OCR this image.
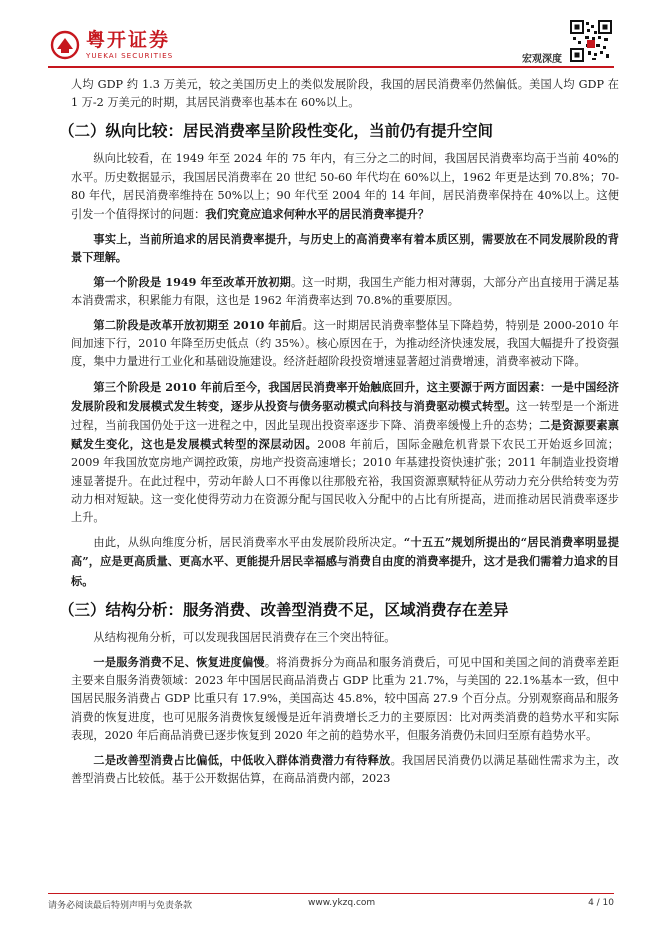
粤开证券
YUEKAI SECURITIES	宏观深度

人均 GDP 约 1.3 万美元，较之美国历史上的类似发展阶段，我国的居民消费率仍然偏低。美国人均 GDP 在 1 万-2 万美元的时期，其居民消费率也基本在 60%以上。

（二）纵向比较：居民消费率呈阶段性变化，当前仍有提升空间

纵向比较看，在 1949 年至 2024 年的 75 年内，有三分之二的时间，我国居民消费率均高于当前 40%的水平。历史数据显示，我国居民消费率在 20 世纪 50-60 年代均在 60%以上，1962 年更是达到 70.8%；70-80 年代，居民消费率维持在 50%以上；90 年代至 2004 年的 14 年间，居民消费率保持在 40%以上。这便引发一个值得探讨的问题：我们究竟应追求何种水平的居民消费率提升？

事实上，当前所追求的居民消费率提升，与历史上的高消费率有着本质区别，需要放在不同发展阶段的背景下理解。

第一个阶段是 1949 年至改革开放初期。这一时期，我国生产能力相对薄弱，大部分产出直接用于满足基本消费需求，积累能力有限，这也是 1962 年消费率达到 70.8%的重要原因。

第二阶段是改革开放初期至 2010 年前后。这一时期居民消费率整体呈下降趋势，特别是 2000-2010 年间加速下行，2010 年降至历史低点（约 35%）。核心原因在于，为推动经济快速发展，我国大幅提升了投资强度，集中力量进行工业化和基础设施建设。经济赶超阶段投资增速显著超过消费增速，消费率被动下降。

第三个阶段是 2010 年前后至今，我国居民消费率开始触底回升，这主要源于两方面因素：一是中国经济发展阶段和发展模式发生转变，逐步从投资与债务驱动模式向科技与消费驱动模式转型。这一转型是一个渐进过程，当前我国仍处于这一进程之中，因此呈现出投资率逐步下降、消费率缓慢上升的态势；二是资源要素禀赋发生变化，这也是发展模式转型的深层动因。2008 年前后，国际金融危机背景下农民工开始返乡回流；2009 年我国放宽房地产调控政策，房地产投资高速增长；2010 年基建投资快速扩张；2011 年制造业投资增速显著提升。在此过程中，劳动年龄人口不再像以往那般充裕，我国资源禀赋特征从劳动力充分供给转变为劳动力相对短缺。这一变化使得劳动力在资源分配与国民收入分配中的占比有所提高，进而推动居民消费率逐步上升。

由此，从纵向维度分析，居民消费率水平由发展阶段所决定。“十五五”规划所提出的“居民消费率明显提高”，应是更高质量、更高水平、更能提升居民幸福感与消费自由度的消费率提升，这才是我们需着力追求的目标。

（三）结构分析：服务消费、改善型消费不足，区域消费存在差异

从结构视角分析，可以发现我国居民消费存在三个突出特征。

一是服务消费不足、恢复进度偏慢。将消费拆分为商品和服务消费后，可见中国和美国之间的消费率差距主要来自服务消费领域：2023 年中国居民商品消费占 GDP 比重为 21.7%，与美国的 22.1%基本一致，但中国居民服务消费占 GDP 比重只有 17.9%，美国高达 45.8%，较中国高 27.9 个百分点。分别观察商品和服务消费的恢复进度，也可见服务消费恢复缓慢是近年消费增长乏力的主要原因：比对两类消费的趋势水平和实际表现，2020 年后商品消费已逐步恢复到 2020 年之前的趋势水平，但服务消费仍未回归至原有趋势水平。

二是改善型消费占比偏低，中低收入群体消费潜力有待释放。我国居民消费仍以满足基础性需求为主，改善型消费占比较低。基于公开数据估算，在商品消费内部，2023

请务必阅读最后特别声明与免责条款	www.ykzq.com	4 / 10
